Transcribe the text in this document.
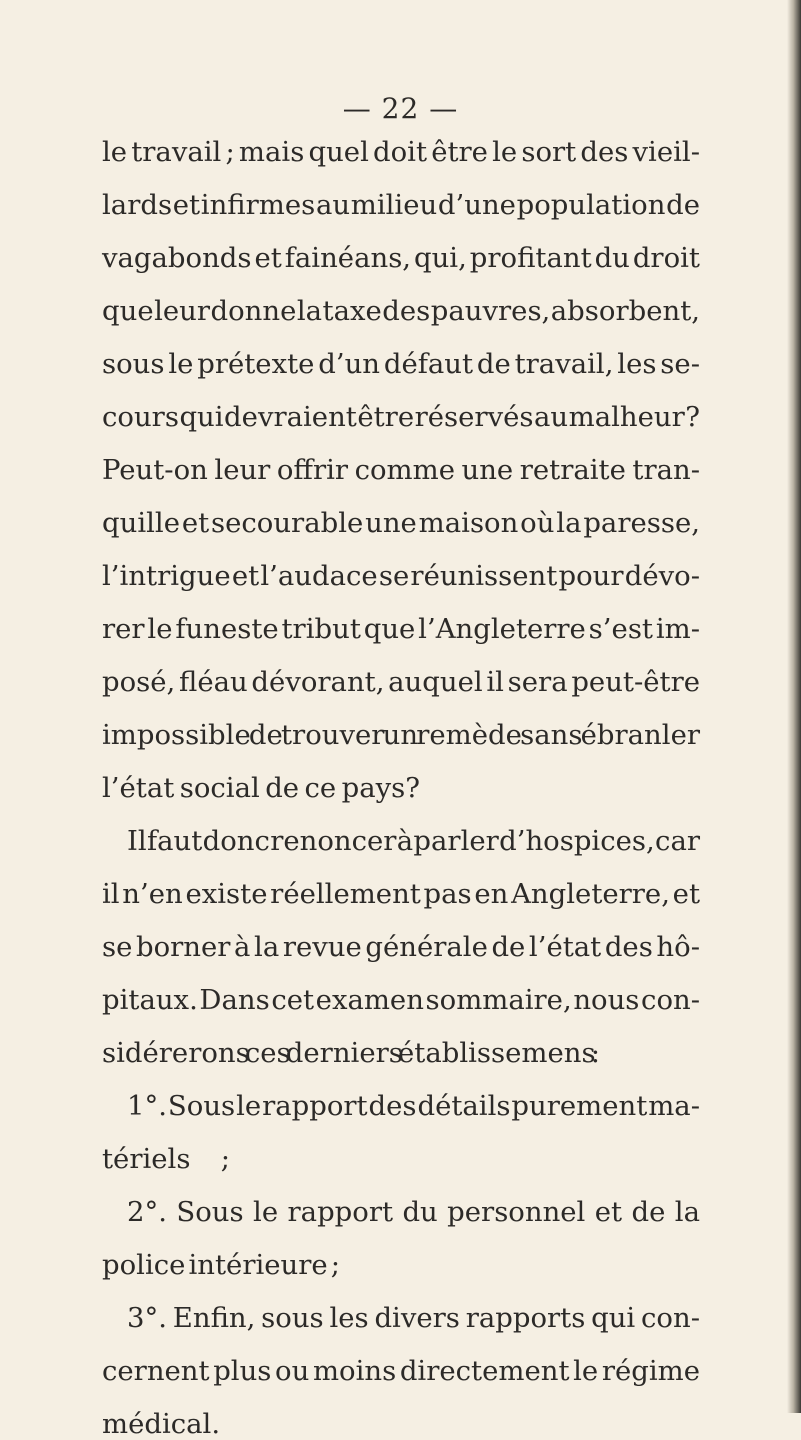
— 22 —
le travail ; mais quel doit être le sort des vieil-
lards et infirmes au milieu d’une population de
vagabonds et fainéans, qui, profitant du droit
que leur donne la taxe des pauvres, absorbent,
sous le prétexte d’un défaut de travail, les se-
cours qui devraient être réservés au malheur ?
Peut-on leur offrir comme une retraite tran-
quille et secourable une maison où la paresse,
l’intrigue et l’audace se réunissent pour dévo-
rer le funeste tribut que l’Angleterre s’est im-
posé, fléau dévorant, auquel il sera peut-être
impossible de trouver un remède sans ébranler
l’état social de ce pays?
Il faut donc renoncer à parler d’hospices, car
il n’en existe réellement pas en Angleterre, et
se borner à la revue générale de l’état des hô-
pitaux. Dans cet examen sommaire, nous con-
sidérerons ces derniers établissemens :
1°. Sous le rapport des détails purement ma-
tériels ;
2°. Sous le rapport du personnel et de la
police intérieure ;
3°. Enfin, sous les divers rapports qui con-
cernent plus ou moins directement le régime
médical.
